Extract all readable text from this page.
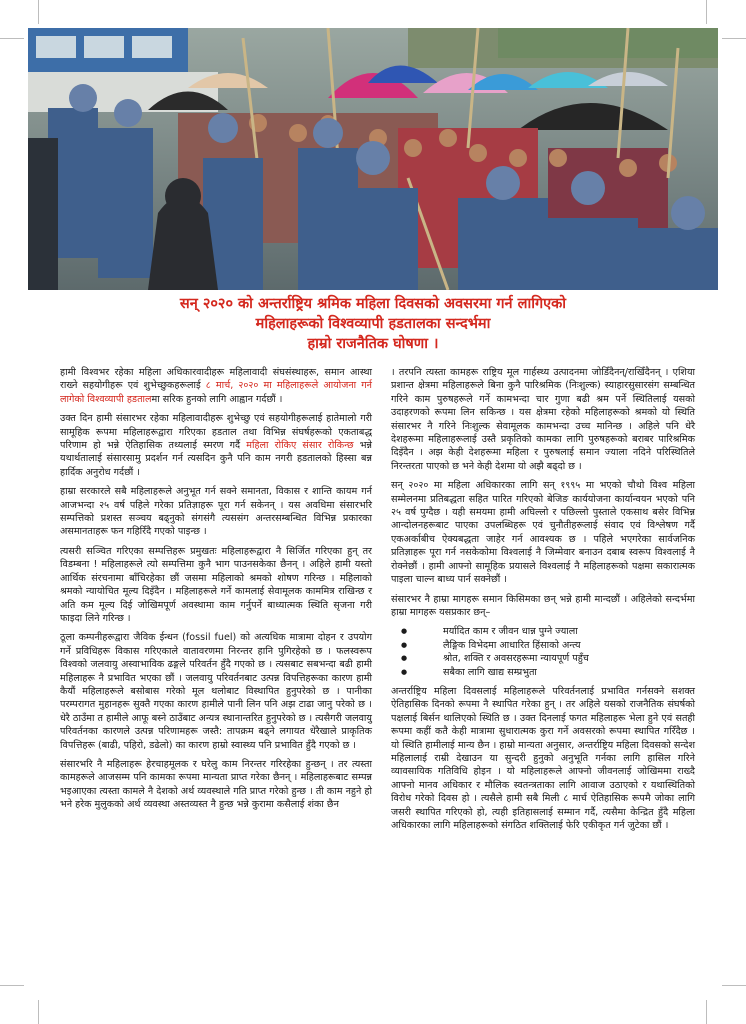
सन् २०२० को अन्तर्राष्ट्रिय श्रमिक महिला दिवसको अवसरमा गर्न लागिएको
महिलाहरूको विश्वव्यापी हडतालका सन्दर्भमा
हाम्रो राजनैतिक घोषणा ।

हामी विश्वभर रहेका महिला अधिकारवादीहरू महिलावादी संघसंस्थाहरू, समान आस्था राख्ने सहयोगीहरू एवं शुभेच्छुकहरूलाई ८ मार्च, २०२० मा महिलाहरूले आयोजना गर्न लागेको विश्वव्यापी हडतालमा सरिक हुनको लागि आह्वान गर्दछौं ।

उक्त दिन हामी संसारभर रहेका महिलावादीहरू शुभेच्छु एवं सहयोगीहरूलाई हातेमालो गरी सामूहिक रूपमा महिलाहरूद्वारा गरिएका हडताल तथा विभिन्न संघर्षहरूको एकताबद्ध परिणाम हो भन्ने ऐतिहासिक तथ्यलाई स्मरण गर्दै महिला रोकिए संसार रोकिन्छ भन्ने यथार्थतालाई संसारसामु प्रदर्शन गर्न त्यसदिन कुनै पनि काम नगरी हडतालको हिस्सा बन्न हार्दिक अनुरोध गर्दछौं ।

हाम्रा सरकारले सबै महिलाहरूले अनुभूत गर्न सक्ने समानता, विकास र शान्ति कायम गर्न आजभन्दा २५ वर्ष पहिले गरेका प्रतिज्ञाहरू पूरा गर्न सकेनन् । यस अवधिमा संसारभरि सम्पत्तिको प्रशस्त सञ्चय बढ्नुको संगसंगै त्यससंग अन्तरसम्बन्धित विभिन्न प्रकारका असमानताहरू फन गहिरिँदै गएको पाइन्छ ।

त्यसरी सञ्चित गरिएका सम्पत्तिहरू प्रमुखतः महिलाहरूद्वारा नै सिर्जित गरिएका हुन् तर विडम्बना ! महिलाहरूले त्यो सम्पत्तिमा कुनै भाग पाउनसकेका छैनन् । अहिले हामी यस्तो आर्थिक संरचनामा बाँचिरहेका छौं जसमा महिलाको श्रमको शोषण गरिन्छ । महिलाको श्रमको न्यायोचित मूल्य दिइँदैन । महिलाहरूले गर्ने कामलाई सेवामूलक काममित्र राखिन्छ र अति कम मूल्य दिई जोखिमपूर्ण अवस्थामा काम गर्नुपर्ने बाध्यात्मक स्थिति सृजना गरी फाइदा लिने गरिन्छ ।

ठूला कम्पनीहरूद्वारा जैविक ईन्धन (fossil fuel) को अत्यधिक मात्रामा दोहन र उपयोग गर्ने प्रविधिहरू विकास गरिएकाले वातावरणमा निरन्तर हानि पुगिरहेको छ । फलस्वरूप विश्वको जलवायु अस्वाभाविक ढङ्गले परिवर्तन हुँदै गएको छ । त्यसबाट सबभन्दा बढी हामी महिलाहरू नै प्रभावित भएका छौं । जलवायु परिवर्तनबाट उत्पन्न विपत्तिहरूका कारण हामी कैयौं महिलाहरूले बसोबास गरेको मूल थलोबाट विस्थापित हुनुपरेको छ । पानीका परम्परागत मुहानहरू सुक्तै गएका कारण हामीले पानी लिन पनि अझ टाढा जानु परेको छ । धेरै ठाउँमा त हामीले आफू बस्ने ठाउँबाट अन्यत्र स्थानान्तरित हुनुपरेको छ । त्यसैगरी जलवायु परिवर्तनका कारणले उत्पन्न परिणामहरू जस्तै: तापक्रम बढ्ने लगायत धेरैखाले प्राकृतिक विपत्तिहरू (बाढी, पहिरो, डढेलो) का कारण हाम्रो स्वास्थ्य पनि प्रभावित हुँदै गएको छ ।

संसारभरि नै महिलाहरू हेरचाहमूलक र घरेलु काम निरन्तर गरिरहेका हुन्छन् । तर त्यस्ता कामहरूले आजसम्म पनि कामका रूपमा मान्यता प्राप्त गरेका छैनन् । महिलाहरूबाट सम्पन्न भइआएका त्यस्ता कामले नै देशको अर्थ व्यवस्थाले गति प्राप्त गरेको हुन्छ । ती काम नहुने हो भने हरेक मुलुकको अर्थ व्यवस्था अस्तव्यस्त नै हुन्छ भन्ने कुरामा कसैलाई शंका छैन

। तरपनि त्यस्ता कामहरू राष्ट्रिय मूल गार्हस्थ्य उत्पादनमा जोडिँदैनन्/राखिँदैनन् । एशिया प्रशान्त क्षेत्रमा महिलाहरूले बिना कुनै पारिश्रमिक (निःशुल्क) स्याहारसुसारसंग सम्बन्धित गरिने काम पुरुषहरूले गर्ने कामभन्दा चार गुणा बढी श्रम पर्ने स्थितिलाई यसको उदाहरणको रूपमा लिन सकिन्छ । यस क्षेत्रमा रहेको महिलाहरूको श्रमको यो स्थिति संसारभर नै गरिने निःशुल्क सेवामूलक कामभन्दा उच्च मानिन्छ । अहिले पनि धेरै देशहरूमा महिलाहरूलाई उस्तै प्रकृतिको कामका लागि पुरुषहरूको बराबर पारिश्रमिक दिइँदैन । अझ केही देशहरूमा महिला र पुरुषलाई समान ज्याला नदिने परिस्थितिले निरन्तरता पाएको छ भने केही देशमा यो अझै बढ्दो छ ।

सन् २०२० मा महिला अधिकारका लागि सन् १९९५ मा भएको चौथो विश्व महिला सम्मेलनमा प्रतिबद्धता सहित पारित गरिएको बेजिङ कार्ययोजना कार्यान्वयन भएको पनि २५ वर्ष पुग्दैछ । यही समयमा हामी अघिल्लो र पछिल्लो पुस्ताले एकसाथ बसेर विभिन्न आन्दोलनहरूबाट पाएका उपलब्धिहरू एवं चुनौतीहरूलाई संवाद एवं विश्लेषण गर्दै एकअर्काबीच ऐक्यबद्धता जाहेर गर्न आवश्यक छ । पहिले भएगरेका सार्वजनिक प्रतिज्ञाहरू पूरा गर्न नसकेकोमा विश्वलाई नै जिम्मेवार बनाउन दबाब स्वरूप विश्वलाई नै रोक्नेछौं । हामी आफ्नो सामूहिक प्रयासले विश्वलाई नै महिलाहरूको पक्षमा सकारात्मक पाइला चाल्न बाध्य पार्न सक्नेछौं ।

संसारभर नै हाम्रा मागहरू समान किसिमका छन् भन्ने हामी मान्दछौं । अहिलेको सन्दर्भमा हाम्रा मागहरू यसप्रकार छन्–

● मर्यादित काम र जीवन धान्न पुग्ने ज्याला
● लैङ्गिक विभेदमा आधारित हिंसाको अन्त्य
● श्रोत, शक्ति र अवसरहरूमा न्यायपूर्ण पहुँच
● सबैका लागि खाद्य सम्प्रभुता

अन्तर्राष्ट्रिय महिला दिवसलाई महिलाहरूले परिवर्तनलाई प्रभावित गर्नसक्ने सशक्त ऐतिहासिक दिनको रूपमा नै स्थापित गरेका हुन् । तर अहिले यसको राजनैतिक संघर्षको पक्षलाई बिर्सन थालिएको स्थिति छ । उक्त दिनलाई फगत महिलाहरू भेला हुने एवं सतही रूपमा कहीं कतै केही मात्रामा सुधारात्मक कुरा गर्ने अवसरको रूपमा स्थापित गरिँदैछ । यो स्थिति हामीलाई मान्य छैन । हाम्रो मान्यता अनुसार, अन्तर्राष्ट्रिय महिला दिवसको सन्देश महिलालाई राम्री देखाउन या सुन्दरी हुनुको अनुभूति गर्नका लागि हासिल गरिने व्यावसायिक गतिविधि होइन । यो महिलाहरूले आफ्नो जीवनलाई जोखिममा राख्दै आफ्नो मानव अधिकार र मौलिक स्वतन्त्रताका लागि आवाज उठाएको र यथास्थितिको विरोध गरेको दिवस हो । त्यसैले हामी सबै मिली ८ मार्च ऐतिहासिक रूपमै जोका लागि जसरी स्थापित गरिएको हो, त्यही इतिहासलाई सम्मान गर्दै, त्यसैमा केन्द्रित हुँदै महिला अधिकारका लागि महिलाहरूको संगठित शक्तिलाई फेरि एकीकृत गर्न जुटेका छौं ।
